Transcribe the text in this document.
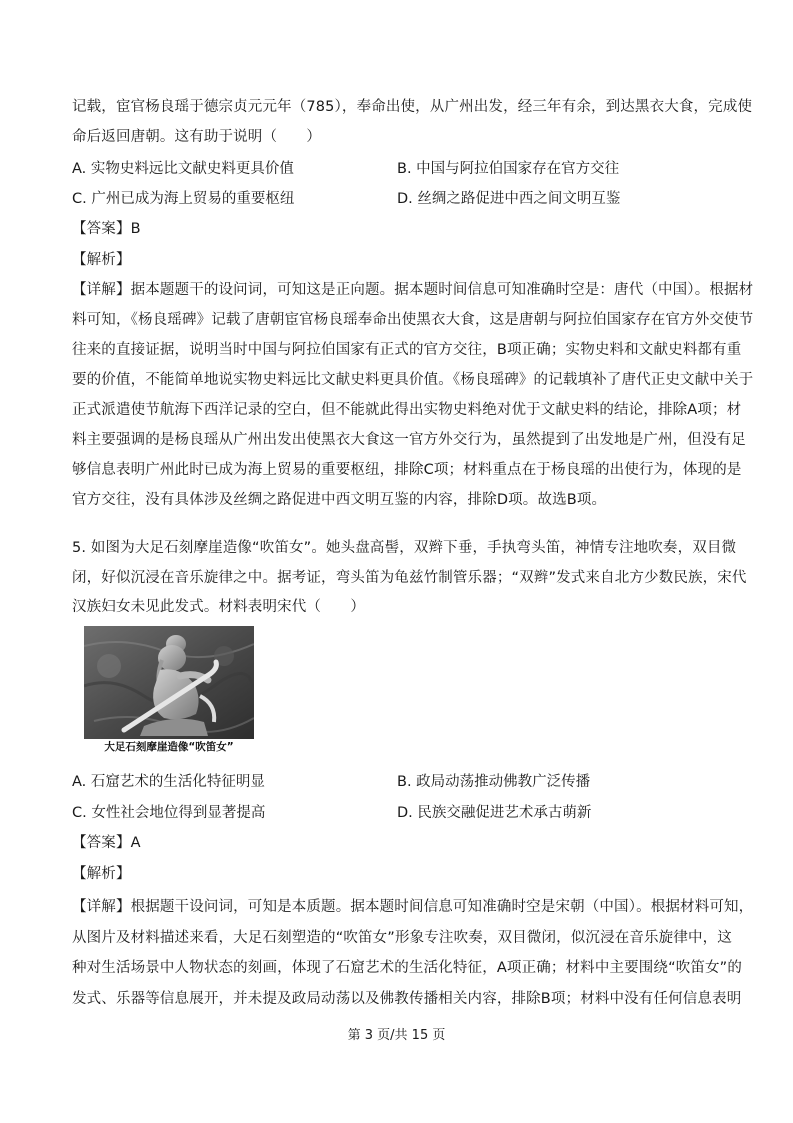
记载，宦官杨良瑶于德宗贞元元年（785），奉命出使，从广州出发，经三年有余，到达黑衣大食，完成使
命后返回唐朝。这有助于说明（　　）
A. 实物史料远比文献史料更具价值	B. 中国与阿拉伯国家存在官方交往
C. 广州已成为海上贸易的重要枢纽	D. 丝绸之路促进中西之间文明互鉴
【答案】B
【解析】
【详解】据本题题干的设问词，可知这是正向题。据本题时间信息可知准确时空是：唐代（中国）。根据材
料可知，《杨良瑶碑》记载了唐朝宦官杨良瑶奉命出使黑衣大食，这是唐朝与阿拉伯国家存在官方外交使节
往来的直接证据，说明当时中国与阿拉伯国家有正式的官方交往，B项正确；实物史料和文献史料都有重
要的价值，不能简单地说实物史料远比文献史料更具价值。《杨良瑶碑》的记载填补了唐代正史文献中关于
正式派遣使节航海下西洋记录的空白，但不能就此得出实物史料绝对优于文献史料的结论，排除A项；材
料主要强调的是杨良瑶从广州出发出使黑衣大食这一官方外交行为，虽然提到了出发地是广州，但没有足
够信息表明广州此时已成为海上贸易的重要枢纽，排除C项；材料重点在于杨良瑶的出使行为，体现的是
官方交往，没有具体涉及丝绸之路促进中西文明互鉴的内容，排除D项。故选B项。
5. 如图为大足石刻摩崖造像“吹笛女”。她头盘高髻，双辫下垂，手执弯头笛，神情专注地吹奏，双目微
闭，好似沉浸在音乐旋律之中。据考证，弯头笛为龟兹竹制管乐器；“双辫”发式来自北方少数民族，宋代
汉族妇女未见此发式。材料表明宋代（　　）
大足石刻摩崖造像“吹笛女”
A. 石窟艺术的生活化特征明显	B. 政局动荡推动佛教广泛传播
C. 女性社会地位得到显著提高	D. 民族交融促进艺术承古萌新
【答案】A
【解析】
【详解】根据题干设问词，可知是本质题。据本题时间信息可知准确时空是宋朝（中国）。根据材料可知，
从图片及材料描述来看，大足石刻塑造的“吹笛女”形象专注吹奏，双目微闭，似沉浸在音乐旋律中，这
种对生活场景中人物状态的刻画，体现了石窟艺术的生活化特征，A项正确；材料中主要围绕“吹笛女”的
发式、乐器等信息展开，并未提及政局动荡以及佛教传播相关内容，排除B项；材料中没有任何信息表明
第 3 页/共 15 页
